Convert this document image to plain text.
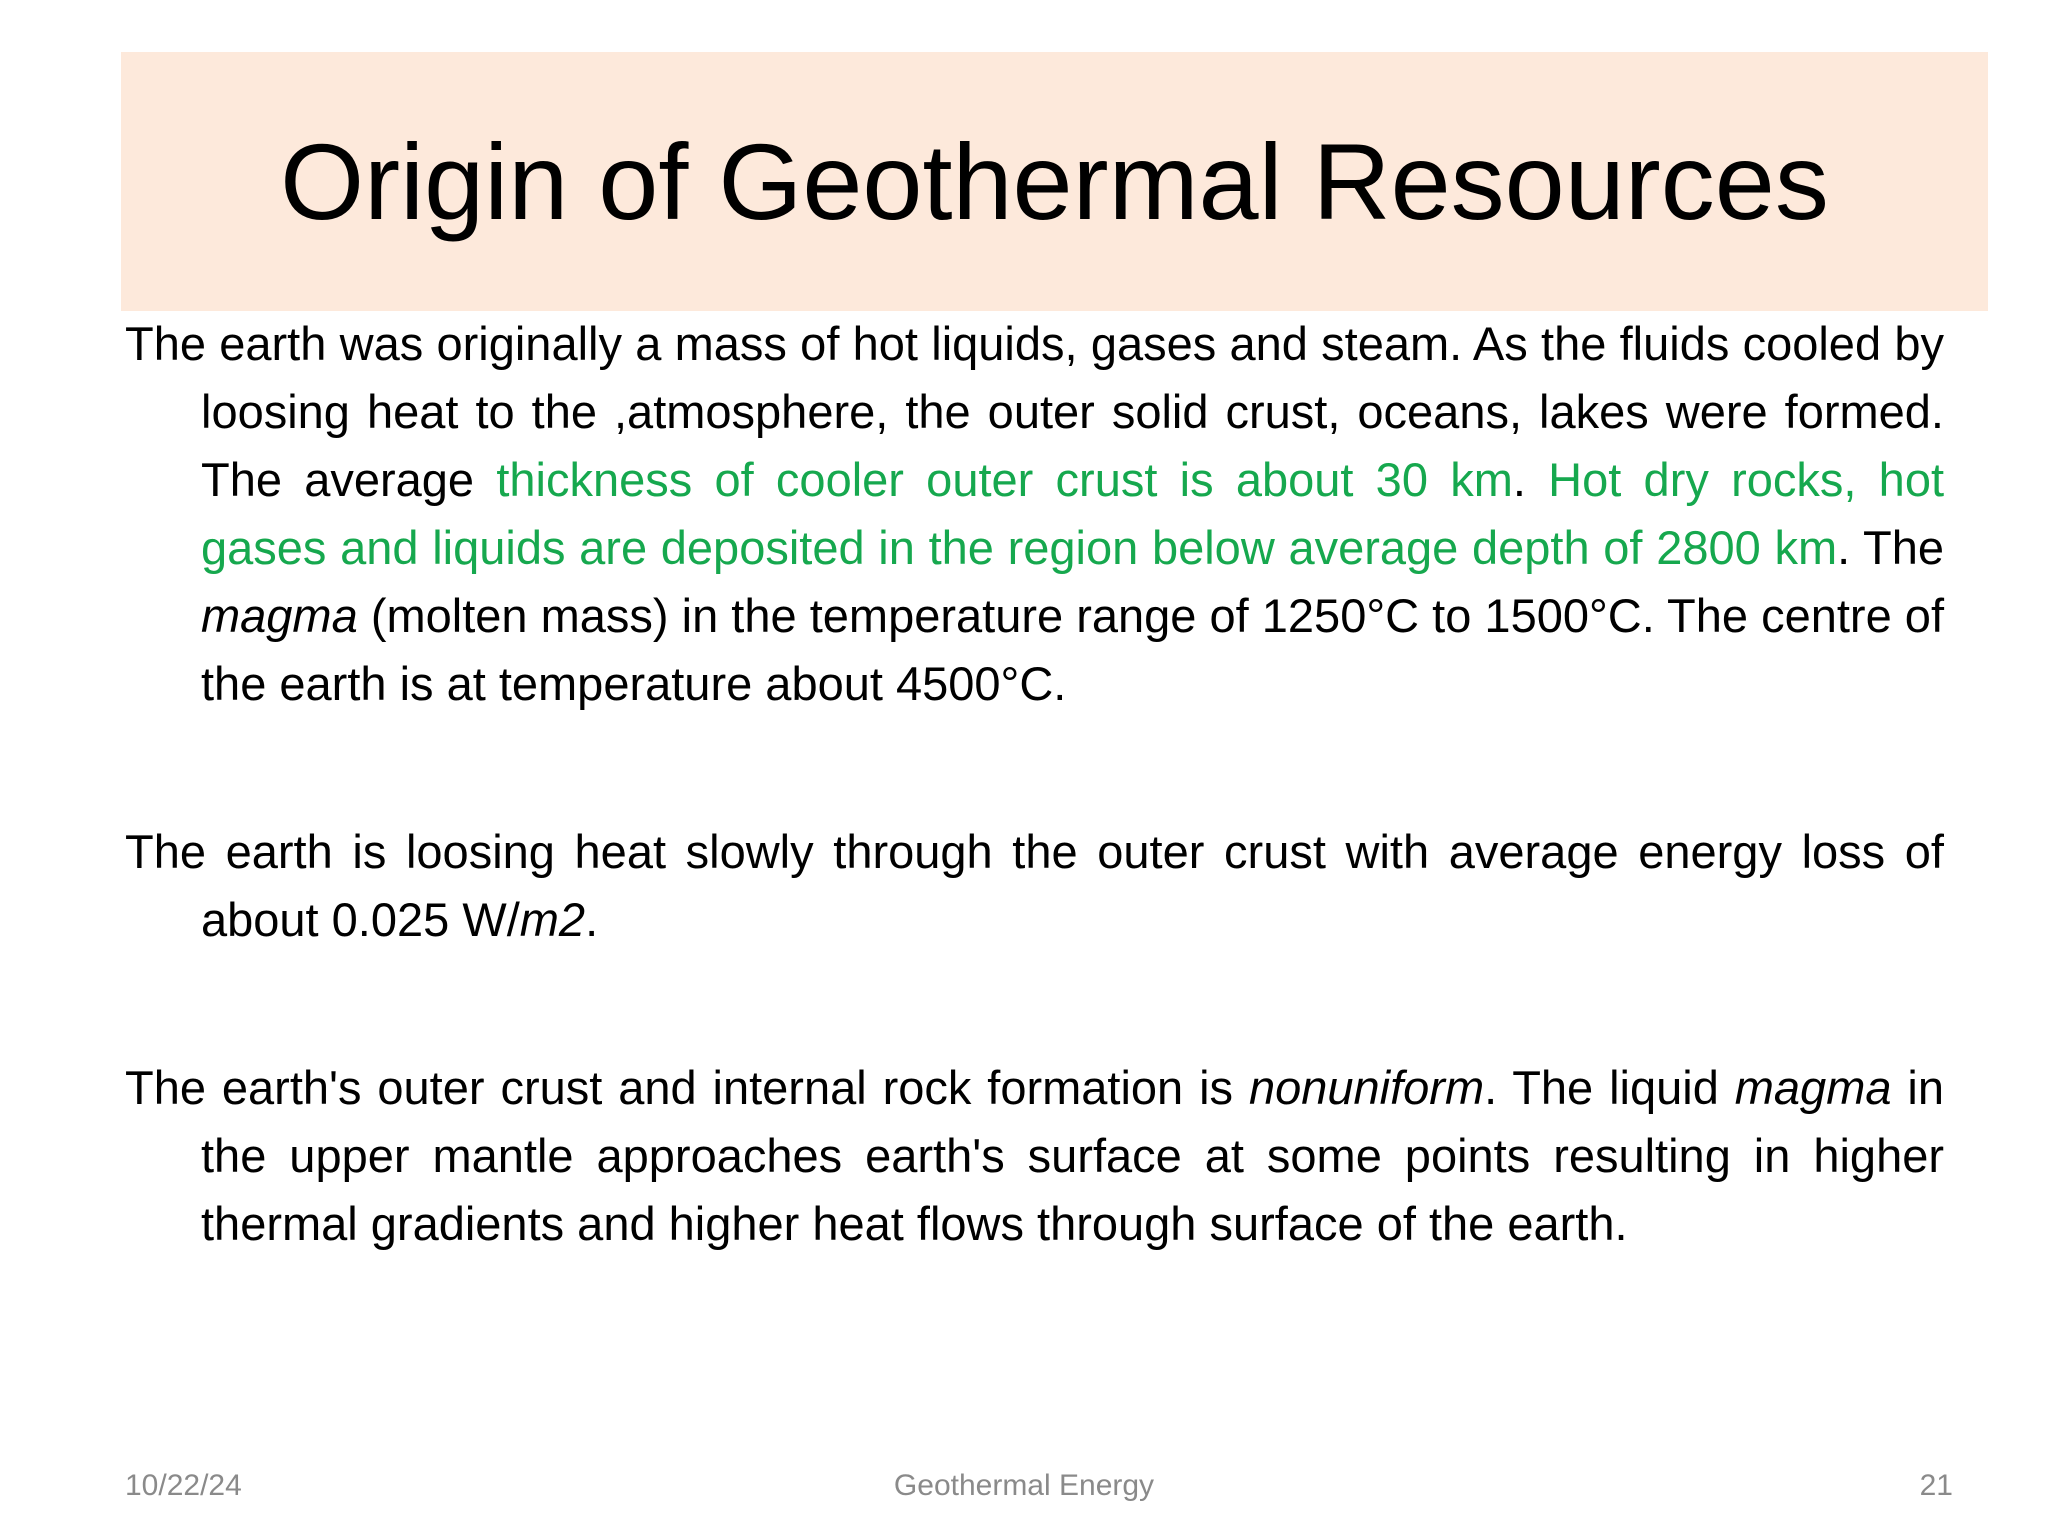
Origin of Geothermal Resources

The earth was originally a mass of hot liquids, gases and steam. As the fluids cooled by loosing heat to the ,atmosphere, the outer solid crust, oceans, lakes were formed. The average thickness of cooler outer crust is about 30 km. Hot dry rocks, hot gases and liquids are deposited in the region below average depth of 2800 km. The magma (molten mass) in the temperature range of 1250°C to 1500°C. The centre of the earth is at temperature about 4500°C.

The earth is loosing heat slowly through the outer crust with average energy loss of about 0.025 W/m2.

The earth's outer crust and internal rock formation is nonuniform. The liquid magma in the upper mantle approaches earth's surface at some points resulting in higher thermal gradients and higher heat flows through surface of the earth.

10/22/24	Geothermal Energy	21
